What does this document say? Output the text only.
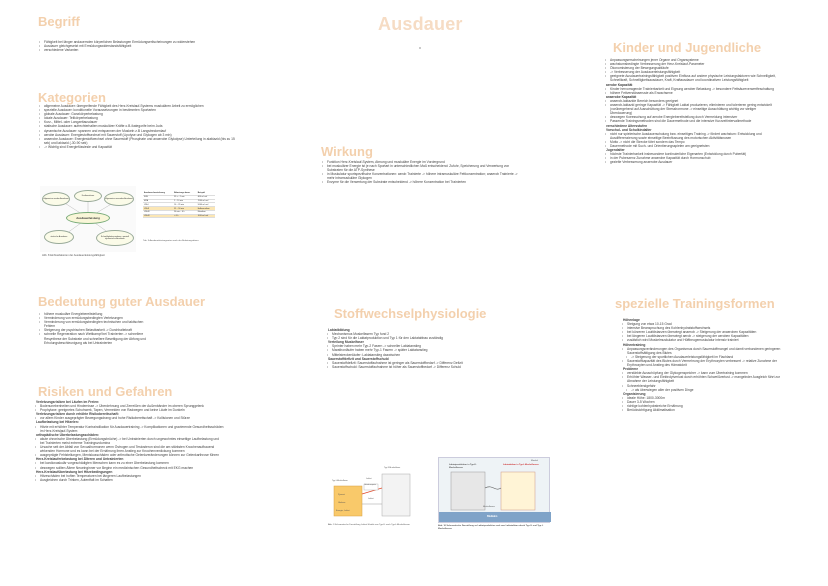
Ausdauer
Begriff
• Fähigkeit bei länger andauernden körperlichen Belastungen Ermüdungserlischeinungen zu widerstehen
• Ausdauer gleichgesetzt mit Ermüdungswiderstandsfähigkeit
• verschiedene Varianten
Kategorien
• allgemeine Ausdauer: übergreifende Fähigkeit des Herz-Kreislauf-Systems muskulären Arbeit zu ermöglichen
• spezielle Ausdauer: konditionelle Voraussetzungen in bestimmten Sportarten
• globale Ausdauer: Ganzkörperbelastung
• lokale Ausdauer: Teilkörperbelastung
• Kurz-, Mittel- oder Langzeitausdauer
• statische Ausdauer: aufrechterhalten muskulärer Kräfte o.B./kategorife beim Juds
• dynamische Ausdauer: spannen und entspannen der Muskeln z.B Langstreckenlauf
• aerobe Ausdauer: Energiestoffwechsel mit Sauerstoff (Lipolyse und Glykogen ab 3 min)
• anaerobe Ausdauer: Energiestoffwechsel ohne Sauerstoff (Phosphate und anaerobe Glykolyse) Unterteilung in alaktazid (bis zu 15 sek) und laktazid (-30-90 sek)
• -> Wichtig sind Energiefüssiesle und Kapazität
allgemeine aerobe Ausdauer
Kraftausdauer
allgemeine anaerobe Ausdauer
Ausdauerleistung
statische Ausdauer	Schnelligkeitsausdauer, speziell dynamische Ausdauer
Abb. 8 Einflussfaktoren der Ausdauerleistungsfähigkeit
Ausdauer-bezeichnung	Belastungs-dauer	Beispiel
KZA	35 s – 2 min	400 m Lauf
MZA	2 – 10 min	1500 m Lauf
LZA I	10 – 35 min	5000 m Lauf
LZA II	35 – 90 min	Halbmarathon
LZA III	90 min – 6 h	Marathon
LZA IV	> 6 h	100 km Lauf
Tab. 3 Ausdauerleistungsarten nach der Belastungsdauer
Wirkung
• Funktion Herz-Kreislauf-System, Atmung und muskuläre Energie im Vordergrund
• bei muskulärer Energie ist je nach Sportart in unterschiedlichen Maß entscheidend: Zufuhr, Speicherung und Verwertung von Substraten für die ATP-Synthese
• in Muskulatur sportspezifische Konzentrationen: aerob Trainierte -> höhere intramuskuläre Fettkonzentration; anaerob Trainierte -> mehr intramuskuläre Glykogen
• Enzyme für die Verwertung der Substrate entscheidend -> höhere Konzentration bei Trainierten
Kinder und Jugendliche
• Anpassungserscheinungen jener Organe und Organsysteme
• wachstumsbedingte Verbesserung der Herz-Kreislauf-Parameter
• Ökonomisierung der Bewegungsabläufe
• -> Verbesserung der Ausdauerleistungsfähigkeit
• geeignete Ausdauertrainingsfähigkeit positiven Einfluss auf andere physische Leistungsfaktoren wie Schnelligkeit, Schnellkraft, Schnelligkeitsausdauer, Kraft, Kraftausdauer und koordinativen Leistungsfähigkeit
aerobe Kapazität
• Kinder hervorragende Trainierbarkeit und Eignung aerober Belastung -> besondere Fettsäureverwertfeschaltung
• höhere Fettverstänaerusie als Erwachsene
anaerobe Kapazität
• anaerob-laktazide Bereich besonders geeignet
• anaerob-laktazid geringe Kapazität -> Fähigkeit Laktat produzieren, eliminieren und tolerieren gering entwickelt (vorübergehend auf Ausschüttung der Stresshormone -> einseitige Ausschüttung wichtig vor stetiger Überdauerung)
• deswegen Koeesschung auf aerobe Energiebereitstellung durch Vermeidung intensiver
• Passende Trainingsmethoden sind die Dauermethode und die intensive Kurzzeitintervallmethode
verschiedene Altersstufen
Vorschul- und Schulkindalter
• nicht nur spielerische Ausdauerschulung bzw. einseitiges Training -> fördert wachstum: Entwicklung und Ausdifferenzierung sowie einseitige Beeinflussung des motorischen Aktivitätsnusen
• Motto -> nicht die Strecke tötet sondern das Tempo
• Dauermethode mit Such- und Orientierungsspielen am geeignetsten
Jugendalter
• höchste Trainierbarkeit insbesondere kontinuierliche Eigenarten (Entwicklung durch Pubertät)
• in der Pubeszenz Zunahme anaerobe Kapazität durch Hormonschub
• gezielte Verbesserung anaerobe Ausdauer
Bedeutung guter Ausdauer
• höhere muskuläre Energiebereitstellung
• Verminderung von ermüdungsbedingten Verletzungen
• Verminderung von ermüdungsbedingten technischen und taktischen Fehlern
• Steigerung der psychischen Belastbarkeit -> Durchhaltekraft
• schnelle Regeneration nach Wettkampf bei Trainierten -> schnellere Resynthese der Substrate und schnellere Beseitigung der Abfong und Erholungsbeschleunigung als bei Untrainierten
Risiken und Gefahren
Verletzungsrisiken bei Läufen im Freien:
• Bodenunebenheiten und Hindernisse -> Überdehnung und Zerreißen der Außenbänder im oberen Sprunggelenk
• Prophylaxe: geeignetes Schuhwerk, Tapen, Vermeiden von Radwegen und keine Läufe im Dunkeln
Verletzungsrisiken durch erhöhte Risikobereitschaft:
• vor allem Kinder ausgeprägter Bewegungsdrang und hohe Risikobereitschaft -> Kollisionen und Stürze
Laufbelastung bei Hitzelen:
• Hitzte mit erhöhter Temperatur Kontraindikation für Ausdauertraining -> Komplikationen und gravierende Gesundheitsschäden im Herz-Kreislauf-System
orthopädische Überbelastungsschäden:
• akute chronische Überbelastung (Ermüdungsbrüche) -> bei Untrainierten durch ungewohntes einseitige Laufbelastung und bei Trainierten meist extreme Trainingsvolumina
• Ursache seit der Abfall von Sexualhormonen wenn Östrogen und Testosteron sind die am stärksten Knochenaufbauend wirkenden Hormone und es kann bei der Ernährung ihren Anstieg zur Knochenverdickung kommen
• ausgeprägte Fehlstellungen, Meniskusschäden oder arthrotische Gelenkveränderungen können zur Gelenkarthrose führen
Herz-Kreislauferbelastung bei Älteren und Untrainierten
• bei kardiovaskulär vorgeschädigten Menschen kann es zu einer Überbelastung kommen
• deswegen sollten Ältere Neueinginner vor Beginn ein medizinischen Gesundheitscheck mit EKG machen
Herz-Kreislaufüberlastung bei Hitzebedingungen
• Hitzeschäden bei hoften Temperaturen bei längeren Laufbelastungen
• Ausgleichen durch Trinken, Autentfalt im Schatten
Stoffwechselphysiologie
Laktatbildung
• Mechanismus Muskelfasern Typ fund 2
• Typ 2 sind für die Laktatproduktion und Typ 1 für den Laktatabbau zuständig
Verteilung Muskelfaser
• Sprinter haben mehr Typ-2 Fasern -> schneller Laktatanstieg
• Marathonläufer haben mehr Typ-1 Fasern -> später Laktatanstieg
• Mittelstreckenläufer: Laktatanstieg dazwischen
Sauerstoffdefizit und Sauerstoffschuld
• Sauerstoffdefizit: Sauerstoffaufnahme ist geringer als Sauerstoffbedarf -> Differenz Defizit
• Sauerstoffschuld: Sauerstoffaufnahme ist höher als Sauerstoffbedarf -> Differenz Schuld
Typ II-Muskelfaser
Laktat
Laktattransporter
Laktat
Typ I-Muskelfaser
Pyruvat
Glukose
Energie, Laktat
Abb. 9 Schematische Darstellung Laktat-Shuttle von Typ-II- nach Typ-I-Muskelfasern
Muskel
Laktatproduktion in Typ-II-Muskelfasern
Laktatabbau in Typ-I-Muskelfasern
Muskelfasern
Blutbahn
Abb. 10 Schematische Darstellung zu Laktatproduktion und zum Laktatabbau durch Typ-II- und Typ-I-Muskelfasern
spezielle Trainingsformen
Höhenlage
• Steigung von etwa 10-15 Grad
• intensive Beanspruchung des Kohlenhydratstoffwechsels
• bei kürzeren Laufdistanzen überwiegt anaerob -> Steigerung der anaeroben Kapazitäten
• bei längeren Laufdistanzen überwiegt aerob -> steigerung der aeroben Kapazitäten
• zusätzlich wird Muskelmuskulatur und Hüftbeugemuskulatur intensiv trainiert
Höhentraining
• Anpassungsveränderungen des Organismus durch Sauerstoffmangel und damit verbundenen geringeren Sauerstoffsättigung des Blutes
• -> Steigerung der sportlichen Ausdauerleistungsfähigkeit im Flachland
• Sauerstoffkapazität des Blutes durch Vermehrung der Erythrozyten verbessert -> relative Zunahme der Erythrozyten und Anstieg des Hämatokrit
Probleme
• verstärkte Ausschöpfung der Glykogenspeicher -> kann zum Übertraining kommen
• Erhöhter Wasser- und Elektrolytverlust durch erhöhten Schweißverlust -> mangelnder Ausgleich führt zur Abnahme der Leistungsfähigkeit
• Schneeblendgefahr
• -> als überwiegen aller der positiven Dinge
Organisierung
• ideale Höhe: 1800-3000m
• Dauer 3-5 Wochen
• richtige kohlenhydratreiche Ernährung
• Berücksichtigung Akklimatisation
